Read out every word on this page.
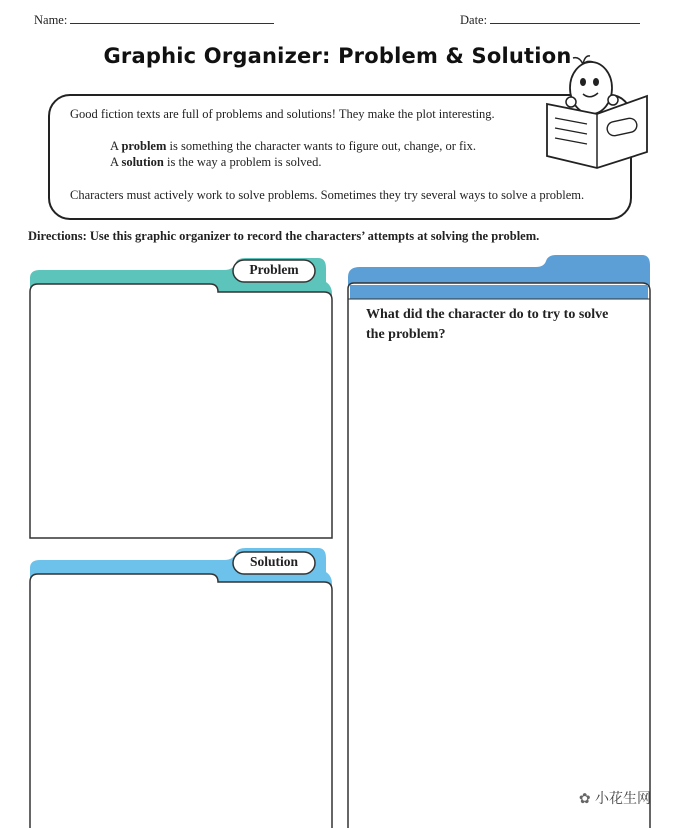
Name:	Date:
Graphic Organizer: Problem & Solution
Good fiction texts are full of problems and solutions! They make the plot interesting.
A problem is something the character wants to figure out, change, or fix.
A solution is the way a problem is solved.
Characters must actively work to solve problems. Sometimes they try several ways to solve a problem.
Directions: Use this graphic organizer to record the characters’ attempts at solving the problem.
Problem
Solution
What did the character do to try to solve
the problem?
✿ 小花生网
